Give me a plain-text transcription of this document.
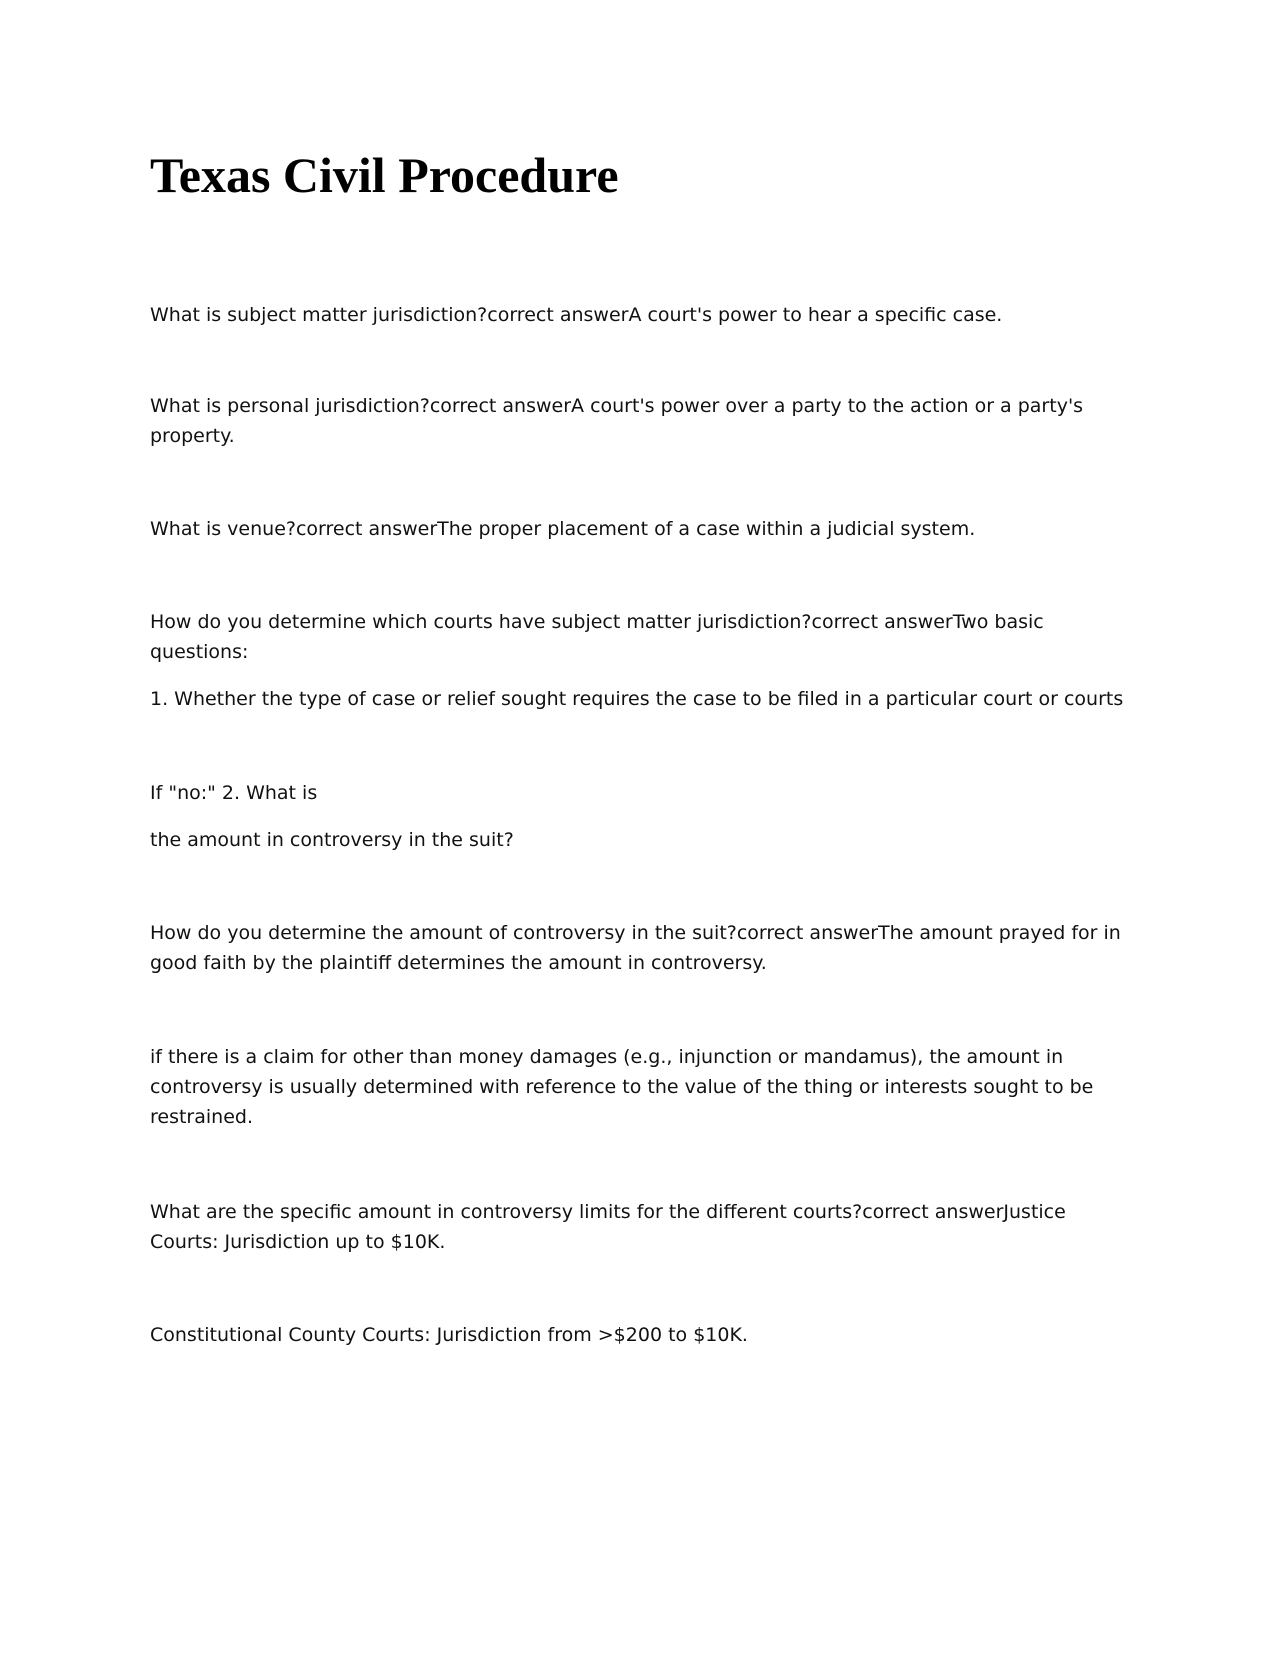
Texas Civil Procedure

What is subject matter jurisdiction?correct answerA court's power to hear a specific case.

What is personal jurisdiction?correct answerA court's power over a party to the action or a party's property.

What is venue?correct answerThe proper placement of a case within a judicial system.

How do you determine which courts have subject matter jurisdiction?correct answerTwo basic questions:

1. Whether the type of case or relief sought requires the case to be filed in a particular court or courts

If "no:" 2. What is

the amount in controversy in the suit?

How do you determine the amount of controversy in the suit?correct answerThe amount prayed for in good faith by the plaintiff determines the amount in controversy.

if there is a claim for other than money damages (e.g., injunction or mandamus), the amount in controversy is usually determined with reference to the value of the thing or interests sought to be restrained.

What are the specific amount in controversy limits for the different courts?correct answerJustice Courts: Jurisdiction up to $10K.

Constitutional County Courts: Jurisdiction from >$200 to $10K.
